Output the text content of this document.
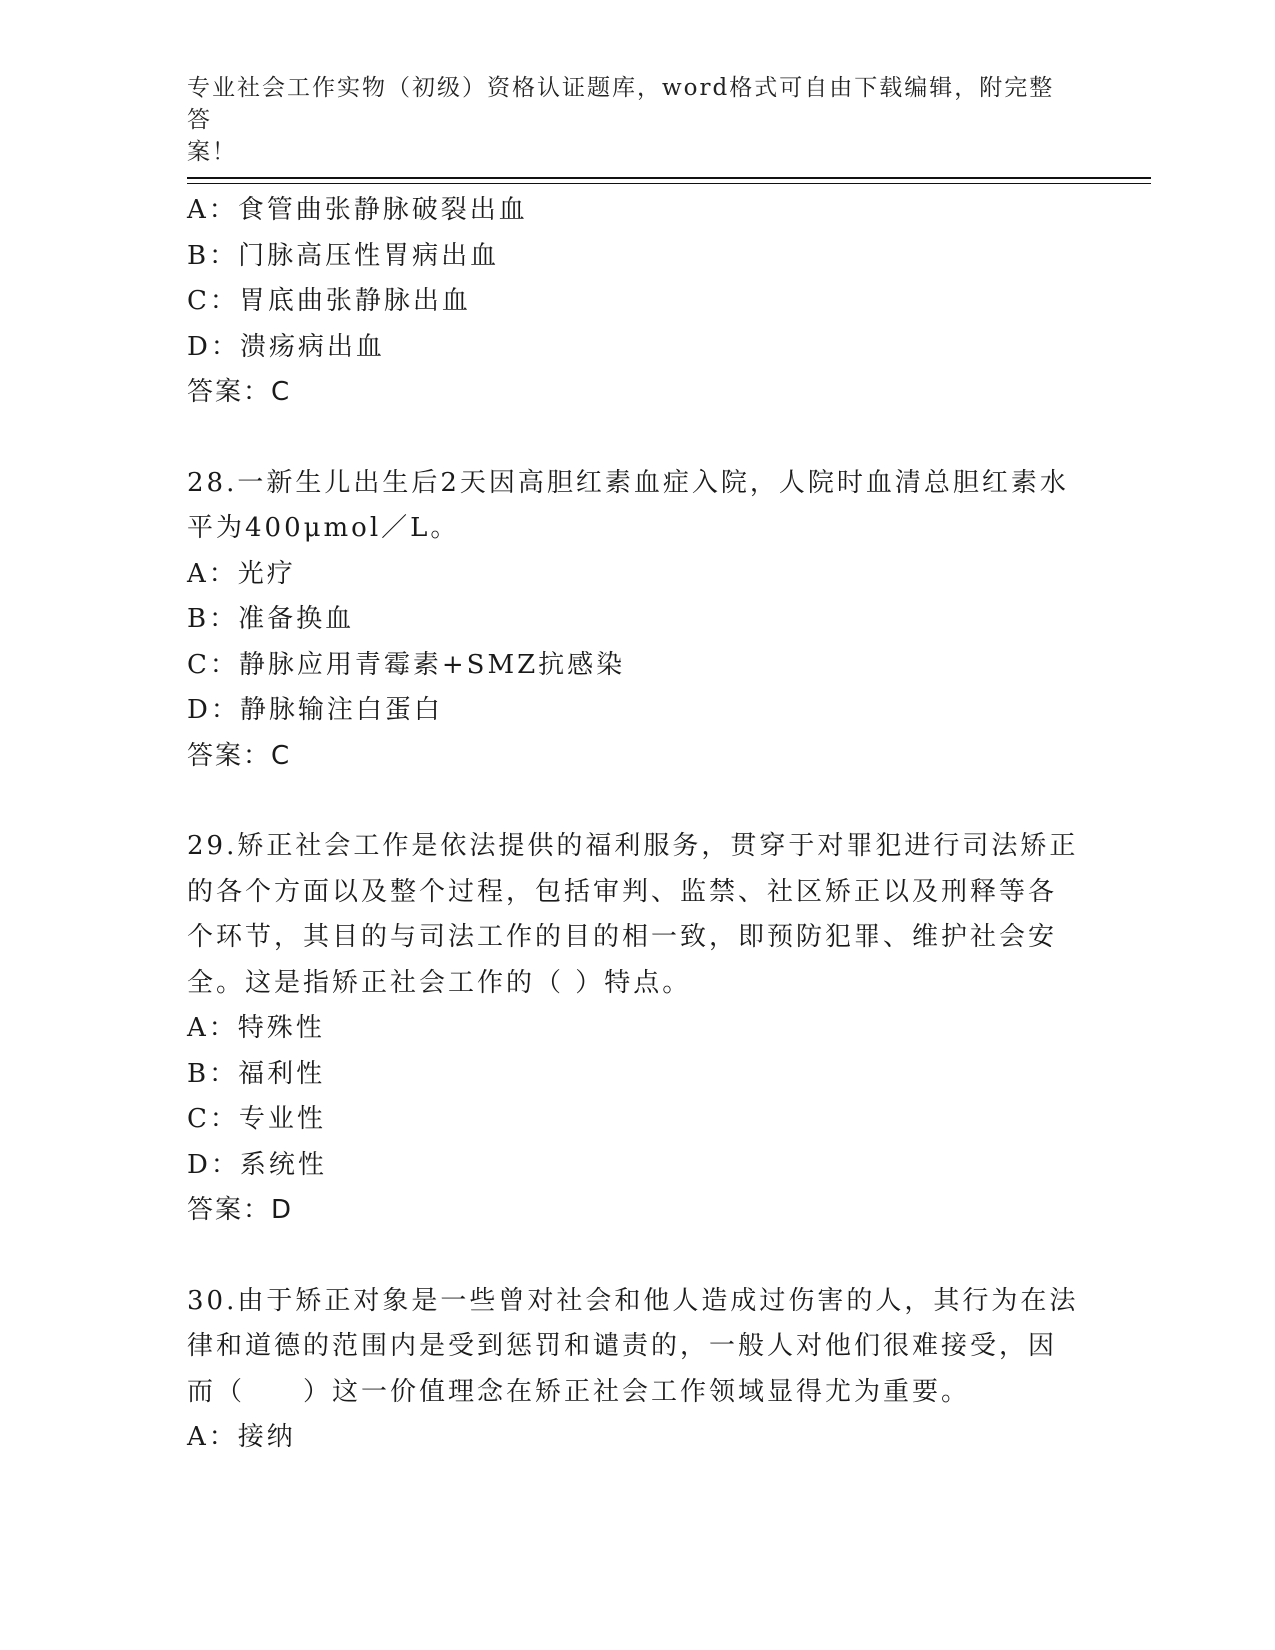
专业社会工作实物（初级）资格认证题库，word格式可自由下载编辑，附完整答
案！
A：食管曲张静脉破裂出血
B：门脉高压性胃病出血
C：胃底曲张静脉出血
D：溃疡病出血
答案：C
28.一新生儿出生后2天因高胆红素血症入院，人院时血清总胆红素水
平为400μmol／L。
A：光疗
B：准备换血
C：静脉应用青霉素+SMZ抗感染
D：静脉输注白蛋白
答案：C
29.矫正社会工作是依法提供的福利服务，贯穿于对罪犯进行司法矫正
的各个方面以及整个过程，包括审判、监禁、社区矫正以及刑释等各
个环节，其目的与司法工作的目的相一致，即预防犯罪、维护社会安
全。这是指矫正社会工作的（ ）特点。
A：特殊性
B：福利性
C：专业性
D：系统性
答案：D
30.由于矫正对象是一些曾对社会和他人造成过伤害的人，其行为在法
律和道德的范围内是受到惩罚和谴责的，一般人对他们很难接受，因
而（　　）这一价值理念在矫正社会工作领域显得尤为重要。
A：接纳
